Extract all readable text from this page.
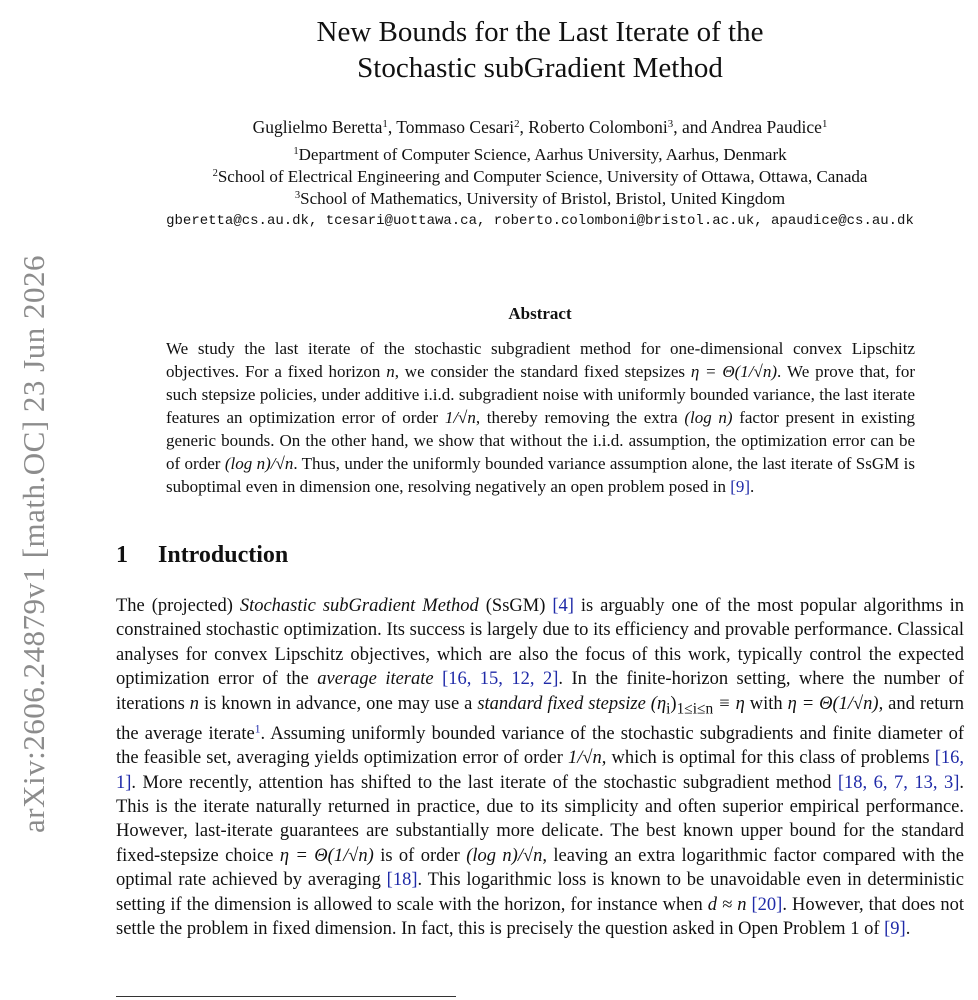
arXiv:2606.24879v1 [math.OC] 23 Jun 2026
New Bounds for the Last Iterate of the
Stochastic subGradient Method
Guglielmo Beretta$^1$, Tommaso Cesari$^2$, Roberto Colomboni$^3$, and Andrea Paudice$^1$
$^1$Department of Computer Science, Aarhus University, Aarhus, Denmark
$^2$School of Electrical Engineering and Computer Science, University of Ottawa, Ottawa, Canada
$^3$School of Mathematics, University of Bristol, Bristol, United Kingdom
gberetta@cs.au.dk, tcesari@uottawa.ca, roberto.colomboni@bristol.ac.uk, apaudice@cs.au.dk
Abstract
We study the last iterate of the stochastic subgradient method for one-dimensional convex Lipschitz objectives. For a fixed horizon n, we consider the standard fixed stepsizes η = Θ(1/√n). We prove that, for such stepsize policies, under additive i.i.d. subgradient noise with uniformly bounded variance, the last iterate features an optimization error of order 1/√n, thereby removing the extra (log n) factor present in existing generic bounds. On the other hand, we show that without the i.i.d. assumption, the optimization error can be of order (log n)/√n. Thus, under the uniformly bounded variance assumption alone, the last iterate of SsGM is suboptimal even in dimension one, resolving negatively an open problem posed in [9].
1 Introduction
The (projected) Stochastic subGradient Method (SsGM) [4] is arguably one of the most popular algorithms in constrained stochastic optimization. Its success is largely due to its efficiency and provable performance. Classical analyses for convex Lipschitz objectives, which are also the focus of this work, typically control the expected optimization error of the average iterate [16, 15, 12, 2]. In the finite-horizon setting, where the number of iterations n is known in advance, one may use a standard fixed stepsize $(\eta_i)_{1\le i\le n} \equiv \eta$ with η = Θ(1/√n), and return the average iterate$^1$. Assuming uniformly bounded variance of the stochastic subgradients and finite diameter of the feasible set, averaging yields optimization error of order 1/√n, which is optimal for this class of problems [16, 1]. More recently, attention has shifted to the last iterate of the stochastic subgradient method [18, 6, 7, 13, 3]. This is the iterate naturally returned in practice, due to its simplicity and often superior empirical performance. However, last-iterate guarantees are substantially more delicate. The best known upper bound for the standard fixed-stepsize choice η = Θ(1/√n) is of order (log n)/√n, leaving an extra logarithmic factor compared with the optimal rate achieved by averaging [18]. This logarithmic loss is known to be unavoidable even in deterministic setting if the dimension is allowed to scale with the horizon, for instance when d ≈ n [20]. However, that does not settle the problem in fixed dimension. In fact, this is precisely the question asked in Open Problem 1 of [9].
